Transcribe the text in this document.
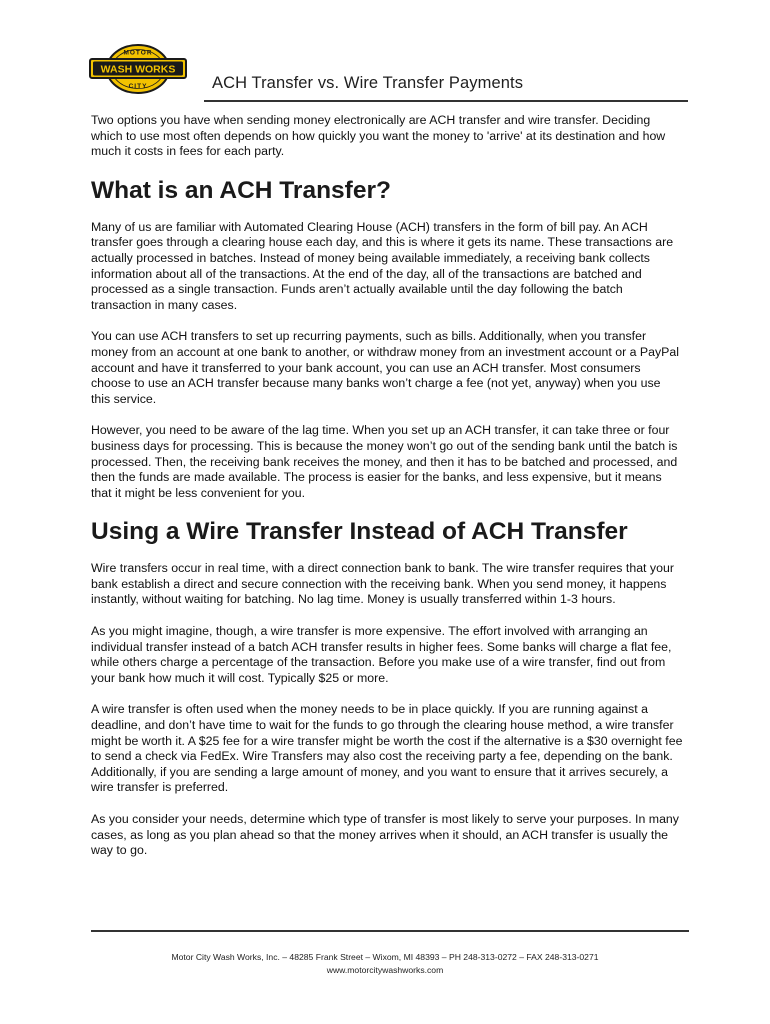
MOTOR
WASH WORKS
CITY	ACH Transfer vs. Wire Transfer Payments

Two options you have when sending money electronically are ACH transfer and wire transfer. Deciding which to use most often depends on how quickly you want the money to 'arrive' at its destination and how much it costs in fees for each party.

What is an ACH Transfer?

Many of us are familiar with Automated Clearing House (ACH) transfers in the form of bill pay. An ACH transfer goes through a clearing house each day, and this is where it gets its name. These transactions are actually processed in batches. Instead of money being available immediately, a receiving bank collects information about all of the transactions. At the end of the day, all of the transactions are batched and processed as a single transaction. Funds aren’t actually available until the day following the batch transaction in many cases.

You can use ACH transfers to set up recurring payments, such as bills. Additionally, when you transfer money from an account at one bank to another, or withdraw money from an investment account or a PayPal account and have it transferred to your bank account, you can use an ACH transfer. Most consumers choose to use an ACH transfer because many banks won’t charge a fee (not yet, anyway) when you use this service.

However, you need to be aware of the lag time. When you set up an ACH transfer, it can take three or four business days for processing. This is because the money won’t go out of the sending bank until the batch is processed. Then, the receiving bank receives the money, and then it has to be batched and processed, and then the funds are made available. The process is easier for the banks, and less expensive, but it means that it might be less convenient for you.

Using a Wire Transfer Instead of ACH Transfer

Wire transfers occur in real time, with a direct connection bank to bank. The wire transfer requires that your bank establish a direct and secure connection with the receiving bank. When you send money, it happens instantly, without waiting for batching. No lag time. Money is usually transferred within 1-3 hours.

As you might imagine, though, a wire transfer is more expensive. The effort involved with arranging an individual transfer instead of a batch ACH transfer results in higher fees. Some banks will charge a flat fee, while others charge a percentage of the transaction. Before you make use of a wire transfer, find out from your bank how much it will cost. Typically $25 or more.

A wire transfer is often used when the money needs to be in place quickly. If you are running against a deadline, and don’t have time to wait for the funds to go through the clearing house method, a wire transfer might be worth it. A $25 fee for a wire transfer might be worth the cost if the alternative is a $30 overnight fee to send a check via FedEx. Wire Transfers may also cost the receiving party a fee, depending on the bank. Additionally, if you are sending a large amount of money, and you want to ensure that it arrives securely, a wire transfer is preferred.

As you consider your needs, determine which type of transfer is most likely to serve your purposes. In many cases, as long as you plan ahead so that the money arrives when it should, an ACH transfer is usually the way to go.

Motor City Wash Works, Inc. – 48285 Frank Street – Wixom, MI 48393 – PH 248-313-0272 – FAX 248-313-0271
www.motorcitywashworks.com
